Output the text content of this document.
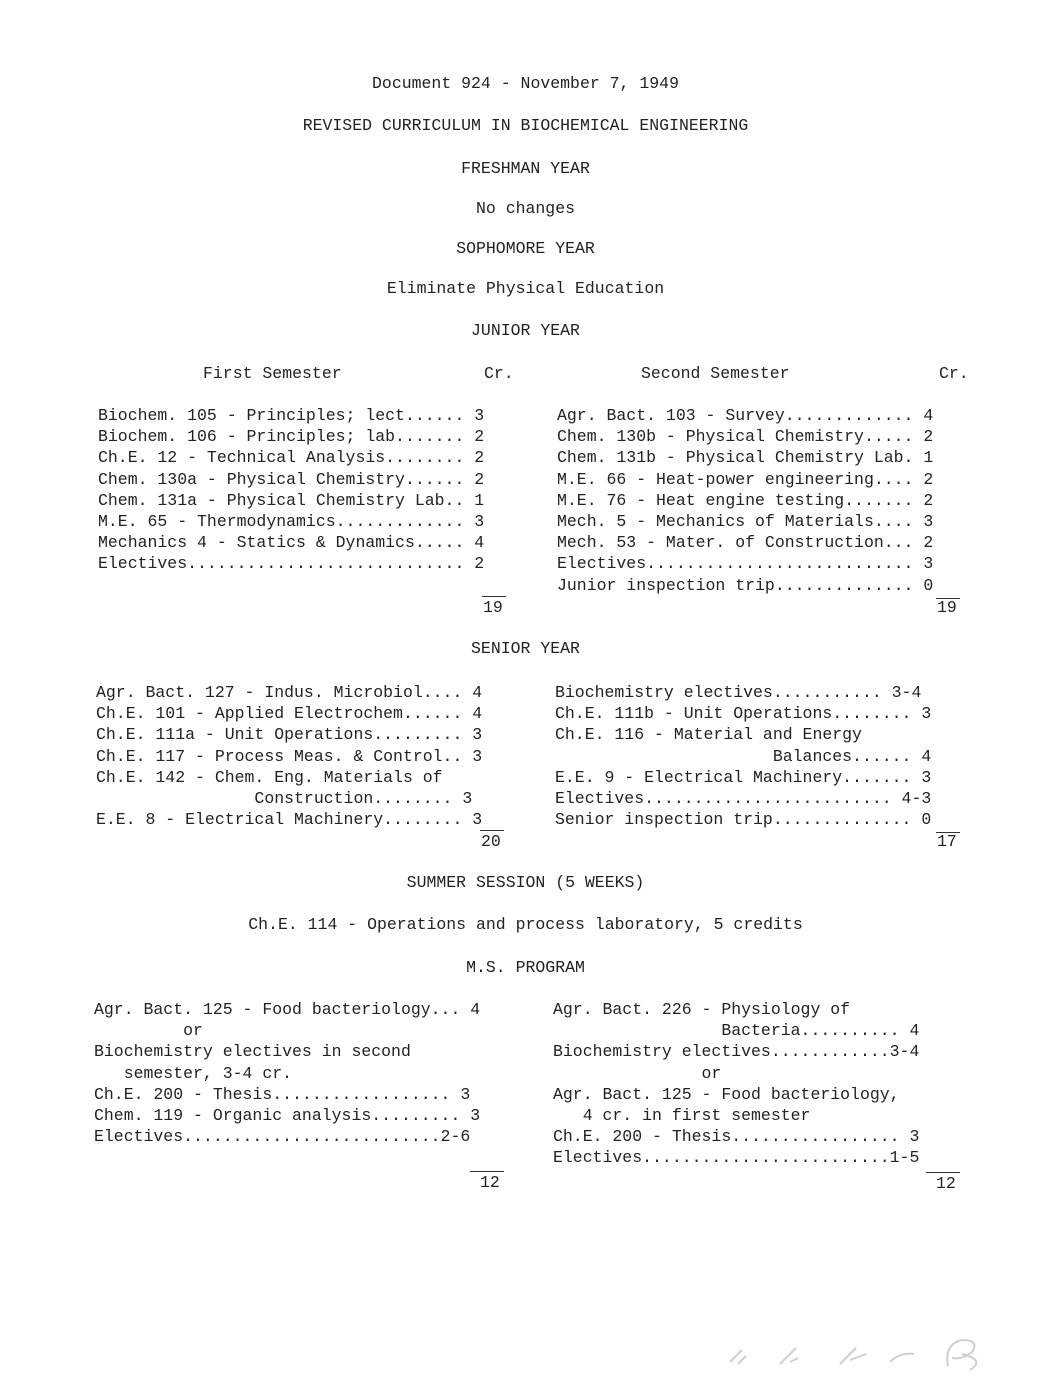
Document 924 - November 7, 1949
REVISED CURRICULUM IN BIOCHEMICAL ENGINEERING
FRESHMAN YEAR
No changes
SOPHOMORE YEAR
Eliminate Physical Education
JUNIOR YEAR
First Semester	Cr.	Second Semester	Cr.
Biochem. 105 - Principles; lect...... 3
Biochem. 106 - Principles; lab....... 2
Ch.E. 12 - Technical Analysis........ 2
Chem. 130a - Physical Chemistry...... 2
Chem. 131a - Physical Chemistry Lab.. 1
M.E. 65 - Thermodynamics............. 3
Mechanics 4 - Statics & Dynamics..... 4
Electives............................ 2
19
Agr. Bact. 103 - Survey............. 4
Chem. 130b - Physical Chemistry..... 2
Chem. 131b - Physical Chemistry Lab. 1
M.E. 66 - Heat-power engineering.... 2
M.E. 76 - Heat engine testing....... 2
Mech. 5 - Mechanics of Materials.... 3
Mech. 53 - Mater. of Construction... 2
Electives........................... 3
Junior inspection trip.............. 0
19
SENIOR YEAR
Agr. Bact. 127 - Indus. Microbiol.... 4
Ch.E. 101 - Applied Electrochem...... 4
Ch.E. 111a - Unit Operations......... 3
Ch.E. 117 - Process Meas. & Control.. 3
Ch.E. 142 - Chem. Eng. Materials of
Construction........ 3
E.E. 8 - Electrical Machinery........ 3
20
Biochemistry electives........... 3-4
Ch.E. 111b - Unit Operations........ 3
Ch.E. 116 - Material and Energy
Balances...... 4
E.E. 9 - Electrical Machinery....... 3
Electives......................... 4-3
Senior inspection trip.............. 0
17
SUMMER SESSION (5 WEEKS)
Ch.E. 114 - Operations and process laboratory, 5 credits
M.S. PROGRAM
Agr. Bact. 125 - Food bacteriology... 4
or
Biochemistry electives in second
semester, 3-4 cr.
Ch.E. 200 - Thesis.................. 3
Chem. 119 - Organic analysis......... 3
Electives..........................2-6
12
Agr. Bact. 226 - Physiology of
Bacteria.......... 4
Biochemistry electives............3-4
or
Agr. Bact. 125 - Food bacteriology,
4 cr. in first semester
Ch.E. 200 - Thesis................. 3
Electives.........................1-5
12
